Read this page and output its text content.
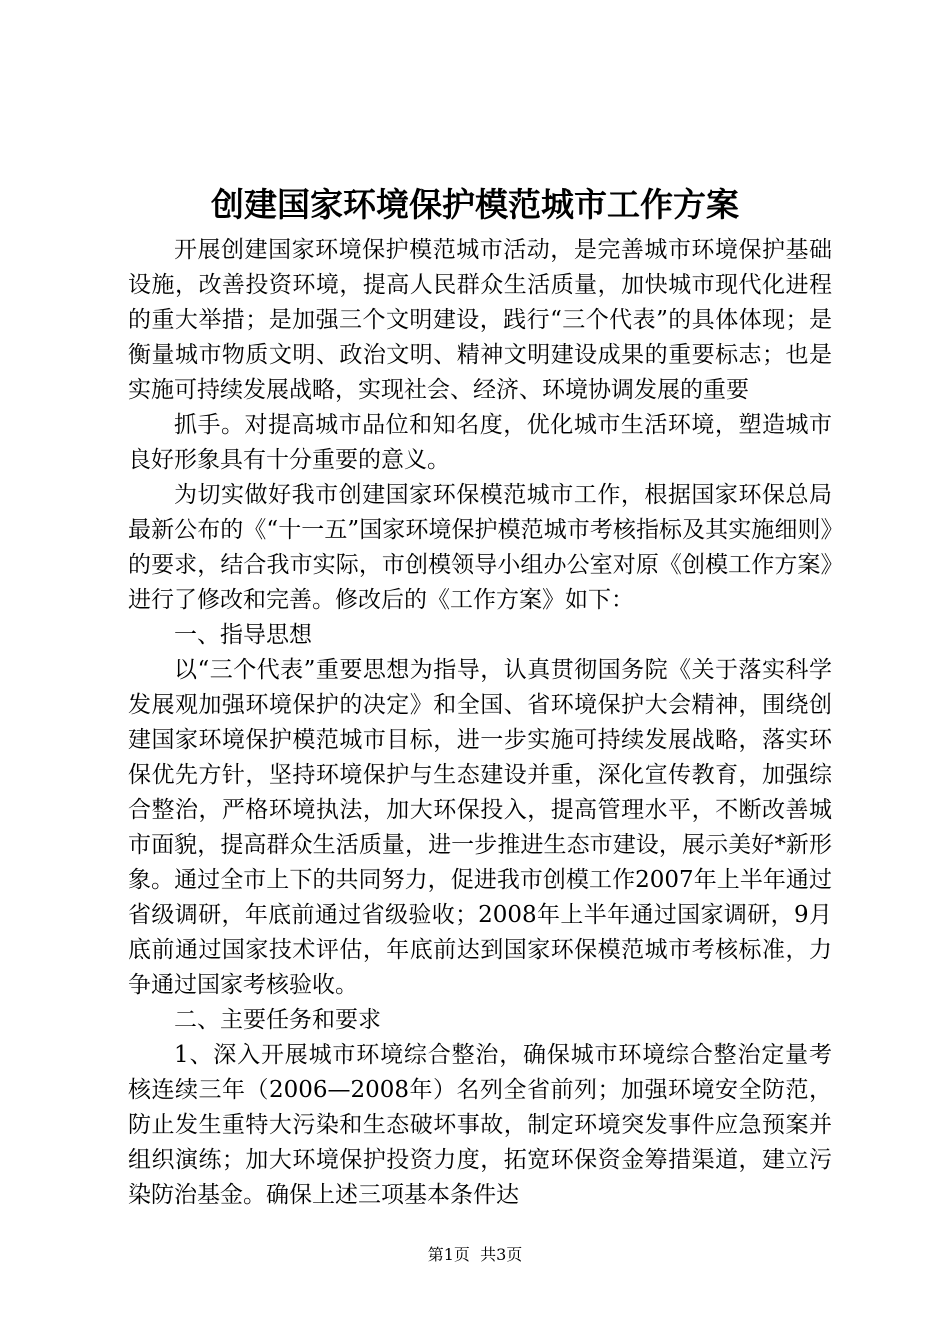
创建国家环境保护模范城市工作方案

开展创建国家环境保护模范城市活动，是完善城市环境保护基础设施，改善投资环境，提高人民群众生活质量，加快城市现代化进程的重大举措；是加强三个文明建设，践行“三个代表”的具体体现；是衡量城市物质文明、政治文明、精神文明建设成果的重要标志；也是实施可持续发展战略，实现社会、经济、环境协调发展的重要

抓手。对提高城市品位和知名度，优化城市生活环境，塑造城市良好形象具有十分重要的意义。

为切实做好我市创建国家环保模范城市工作，根据国家环保总局最新公布的《“十一五”国家环境保护模范城市考核指标及其实施细则》的要求，结合我市实际，市创模领导小组办公室对原《创模工作方案》进行了修改和完善。修改后的《工作方案》如下：

一、指导思想

以“三个代表”重要思想为指导，认真贯彻国务院《关于落实科学发展观加强环境保护的决定》和全国、省环境保护大会精神，围绕创建国家环境保护模范城市目标，进一步实施可持续发展战略，落实环保优先方针，坚持环境保护与生态建设并重，深化宣传教育，加强综合整治，严格环境执法，加大环保投入，提高管理水平，不断改善城市面貌，提高群众生活质量，进一步推进生态市建设，展示美好*新形象。通过全市上下的共同努力，促进我市创模工作2007年上半年通过省级调研，年底前通过省级验收；2008年上半年通过国家调研，9月底前通过国家技术评估，年底前达到国家环保模范城市考核标准，力争通过国家考核验收。

二、主要任务和要求

1、深入开展城市环境综合整治，确保城市环境综合整治定量考核连续三年（2006—2008年）名列全省前列；加强环境安全防范，防止发生重特大污染和生态破坏事故，制定环境突发事件应急预案并组织演练；加大环境保护投资力度，拓宽环保资金筹措渠道，建立污染防治基金。确保上述三项基本条件达

第1页 共3页
